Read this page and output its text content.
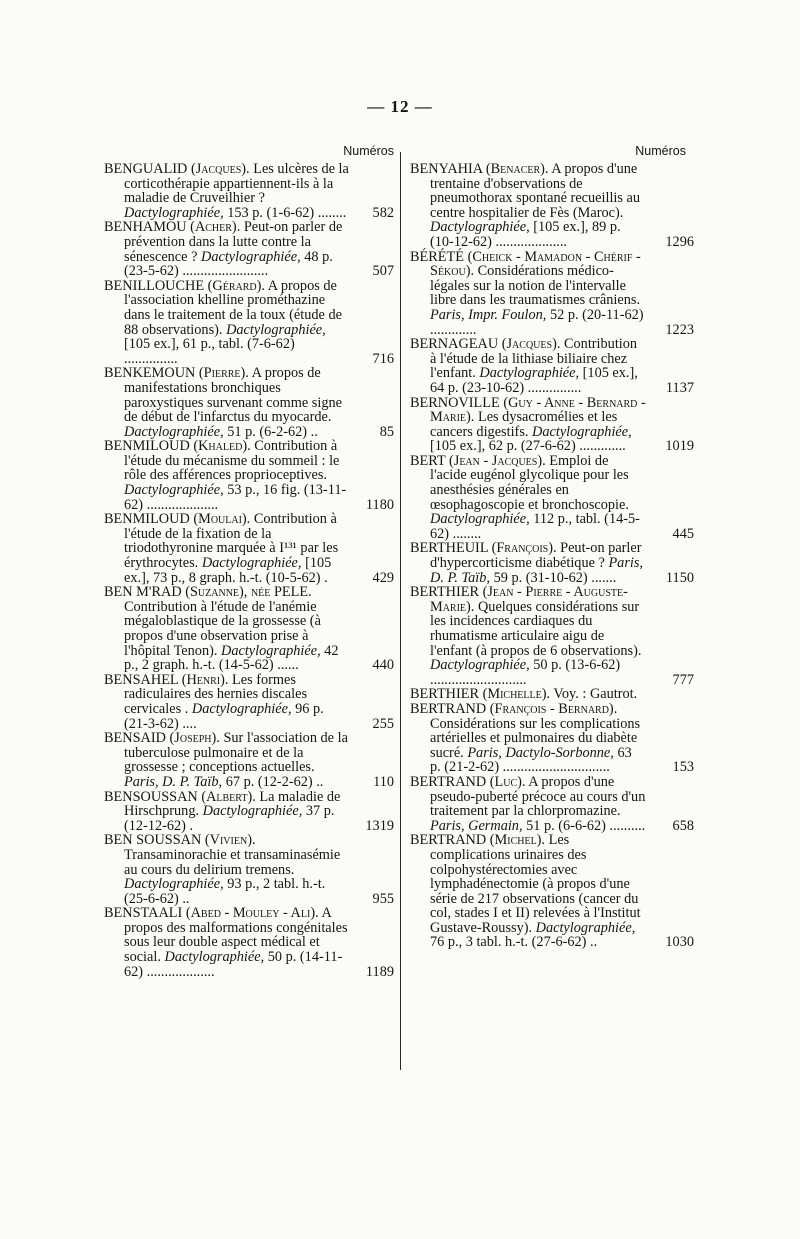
— 12 —
Numéros

BENGUALID (Jacques). Les ulcères de la corticothérapie appartiennent-ils à la maladie de Cruveilhier ? Dactylographiée, 153 p. (1-6-62) ........ 582

BENHAMOU (Acher). Peut-on parler de prévention dans la lutte contre la sénescence ? Dactylographiée, 48 p. (23-5-62) ........................	507

BENILLOUCHE (Gérard). A propos de l'association khelline prométhazine dans le traitement de la toux (étude de 88 observations). Dactylographiée, [105 ex.], 61 p., tabl. (7-6-62) ...............	716

BENKEMOUN (Pierre). A propos de manifestations bronchiques paroxystiques survenant comme signe de début de l'infarctus du myocarde. Dactylographiée, 51 p. (6-2-62) ..	85

BENMILOUD (Khaled). Contribution à l'étude du mécanisme du sommeil : le rôle des afférences proprioceptives. Dactylographiée, 53 p., 16 fig. (13-11-62) ....................	1180

BENMILOUD (Moulai). Contribution à l'étude de la fixation de la triodothyronine marquée à I¹³¹ par les érythrocytes. Dactylographiée, [105 ex.], 73 p., 8 graph. h.-t. (10-5-62) .	429

BEN M'RAD (Suzanne), née PELE. Contribution à l'étude de l'anémie mégaloblastique de la grossesse (à propos d'une observation prise à l'hôpital Tenon). Dactylographiée, 42 p., 2 graph. h.-t. (14-5-62) ......	440

BENSAHEL (Henri). Les formes radiculaires des hernies discales cervicales . Dactylographiée, 96 p. (21-3-62) ....	255

BENSAID (Joseph). Sur l'association de la tuberculose pulmonaire et de la grossesse ; conceptions actuelles. Paris, D. P. Taïb, 67 p. (12-2-62) ..	110

BENSOUSSAN (Albert). La maladie de Hirschprung. Dactylographiée, 37 p. (12-12-62) .	1319

BEN SOUSSAN (Vivien). Transaminorachie et transaminasémie au cours du delirium tremens. Dactylographiée, 93 p., 2 tabl. h.-t. (25-6-62) ..	955

BENSTAALI (Abed - Mouley - Ali). A propos des malformations congénitales sous leur double aspect médical et social. Dactylographiée, 50 p. (14-11-62) ...................	1189

Numéros

BENYAHIA (Benacer). A propos d'une trentaine d'observations de pneumothorax spontané recueillis au centre hospitalier de Fès (Maroc). Dactylographiée, [105 ex.], 89 p. (10-12-62) ....................	1296

BÉRÉTÉ (Cheick - Mamadon - Chérif - Sékou). Considérations médico-légales sur la notion de l'intervalle libre dans les traumatismes crâniens. Paris, Impr. Foulon, 52 p. (20-11-62) .............	1223

BERNAGEAU (Jacques). Contribution à l'étude de la lithiase biliaire chez l'enfant. Dactylographiée, [105 ex.], 64 p. (23-10-62) ...............	1137

BERNOVILLE (Guy - Anne - Bernard - Marie). Les dysacromélies et les cancers digestifs. Dactylographiée, [105 ex.], 62 p. (27-6-62) .............	1019

BERT (Jean - Jacques). Emploi de l'acide eugénol glycolique pour les anesthésies générales en œsophagoscopie et bronchoscopie. Dactylographiée, 112 p., tabl. (14-5-62) ........	445

BERTHEUIL (François). Peut-on parler d'hypercorticisme diabétique ? Paris, D. P. Taïb, 59 p. (31-10-62) .......	1150

BERTHIER (Jean - Pierre - Auguste-Marie). Quelques considérations sur les incidences cardiaques du rhumatisme articulaire aigu de l'enfant (à propos de 6 observations). Dactylographiée, 50 p. (13-6-62) ...........................	777

BERTHIER (Michelle). Voy. : Gautrot.

BERTRAND (François - Bernard). Considérations sur les complications artérielles et pulmonaires du diabète sucré. Paris, Dactylo-Sorbonne, 63 p. (21-2-62) ..............................	153

BERTRAND (Luc). A propos d'une pseudo-puberté précoce au cours d'un traitement par la chlorpromazine. Paris, Germain, 51 p. (6-6-62) .......... 658

BERTRAND (Michel). Les complications urinaires des colpohystérectomies avec lymphadénectomie (à propos d'une série de 217 observations (cancer du col, stades I et II) relevées à l'Institut Gustave-Roussy). Dactylographiée, 76 p., 3 tabl. h.-t. (27-6-62) ..	1030
